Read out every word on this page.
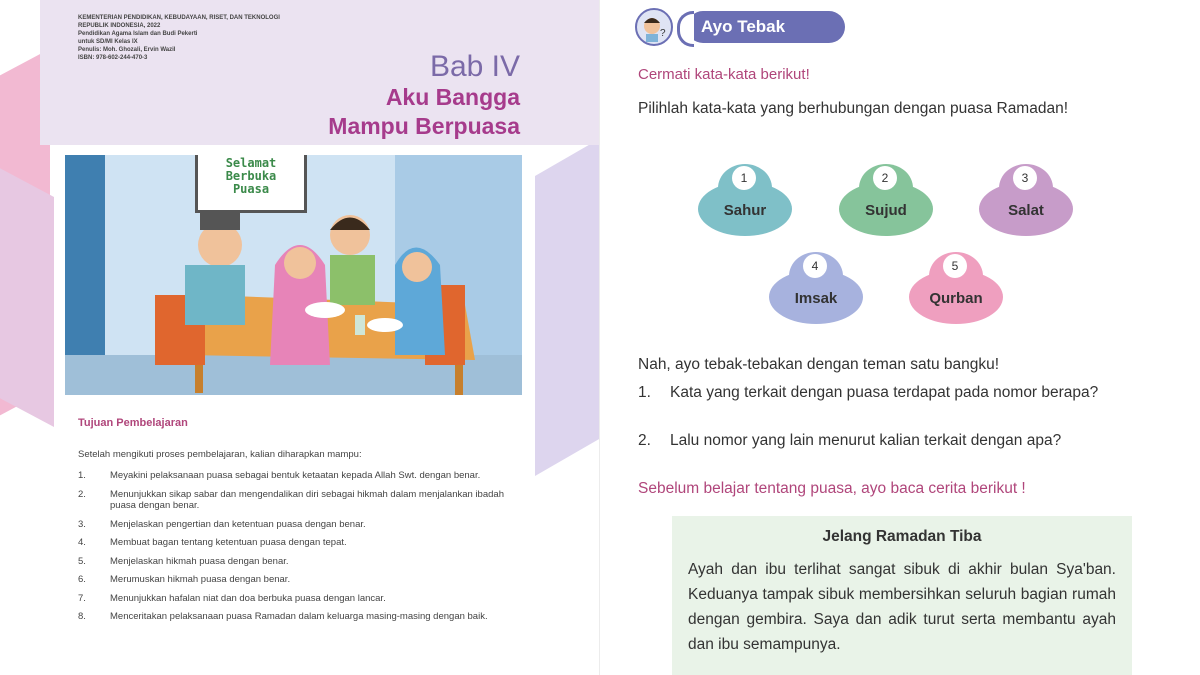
KEMENTERIAN PENDIDIKAN, KEBUDAYAAN, RISET, DAN TEKNOLOGI
REPUBLIK INDONESIA, 2022
Pendidikan Agama Islam dan Budi Pekerti
untuk SD/MI Kelas IX
Penulis: Moh. Ghozali, Ervin Wazil
ISBN: 978-602-244-470-3	Bab IV
Aku Bangga
Mampu Berpuasa
Selamat
Berbuka
Puasa
Tujuan Pembelajaran
Setelah mengikuti proses pembelajaran, kalian diharapkan mampu:
1.	Meyakini pelaksanaan puasa sebagai bentuk ketaatan kepada Allah Swt. dengan benar.
2.	Menunjukkan sikap sabar dan mengendalikan diri sebagai hikmah dalam menjalankan ibadah puasa dengan benar.
3.	Menjelaskan pengertian dan ketentuan puasa dengan benar.
4.	Membuat bagan tentang ketentuan puasa dengan tepat.
5.	Menjelaskan hikmah puasa dengan benar.
6.	Merumuskan hikmah puasa dengan benar.
7.	Menunjukkan hafalan niat dan doa berbuka puasa dengan lancar.
8.	Menceritakan pelaksanaan puasa Ramadan dalam keluarga masing-masing dengan baik.
?	Ayo Tebak
Cermati kata-kata berikut!
Pilihlah kata-kata yang berhubungan dengan puasa Ramadan!
1
Sahur
2
Sujud
3
Salat
4
Imsak
5
Qurban
Nah, ayo tebak-tebakan dengan teman satu bangku!
1.	Kata yang terkait dengan puasa terdapat pada nomor berapa?
2.	Lalu nomor yang lain menurut kalian terkait dengan apa?
Sebelum belajar tentang puasa, ayo baca cerita berikut !
Jelang Ramadan Tiba
Ayah dan ibu terlihat sangat sibuk di akhir bulan Sya'ban. Keduanya tampak sibuk membersihkan seluruh bagian rumah dengan gembira. Saya dan adik turut serta membantu ayah dan ibu semampunya.
